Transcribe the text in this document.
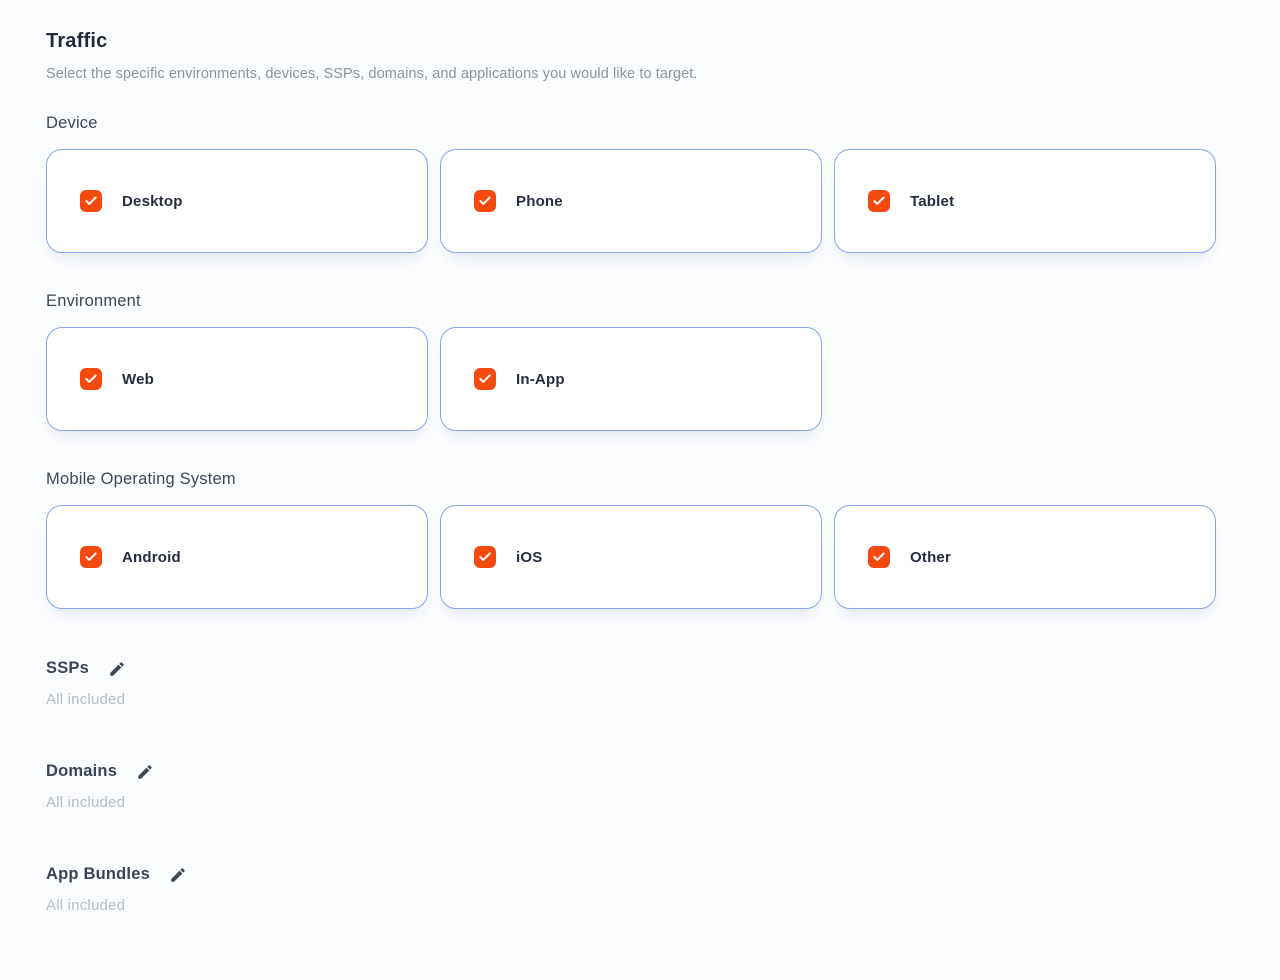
Traffic
Select the specific environments, devices, SSPs, domains, and applications you would like to target.
Device
Desktop	Phone	Tablet
Environment
Web	In-App
Mobile Operating System
Android	iOS	Other
SSPs
All included
Domains
All included
App Bundles
All included
